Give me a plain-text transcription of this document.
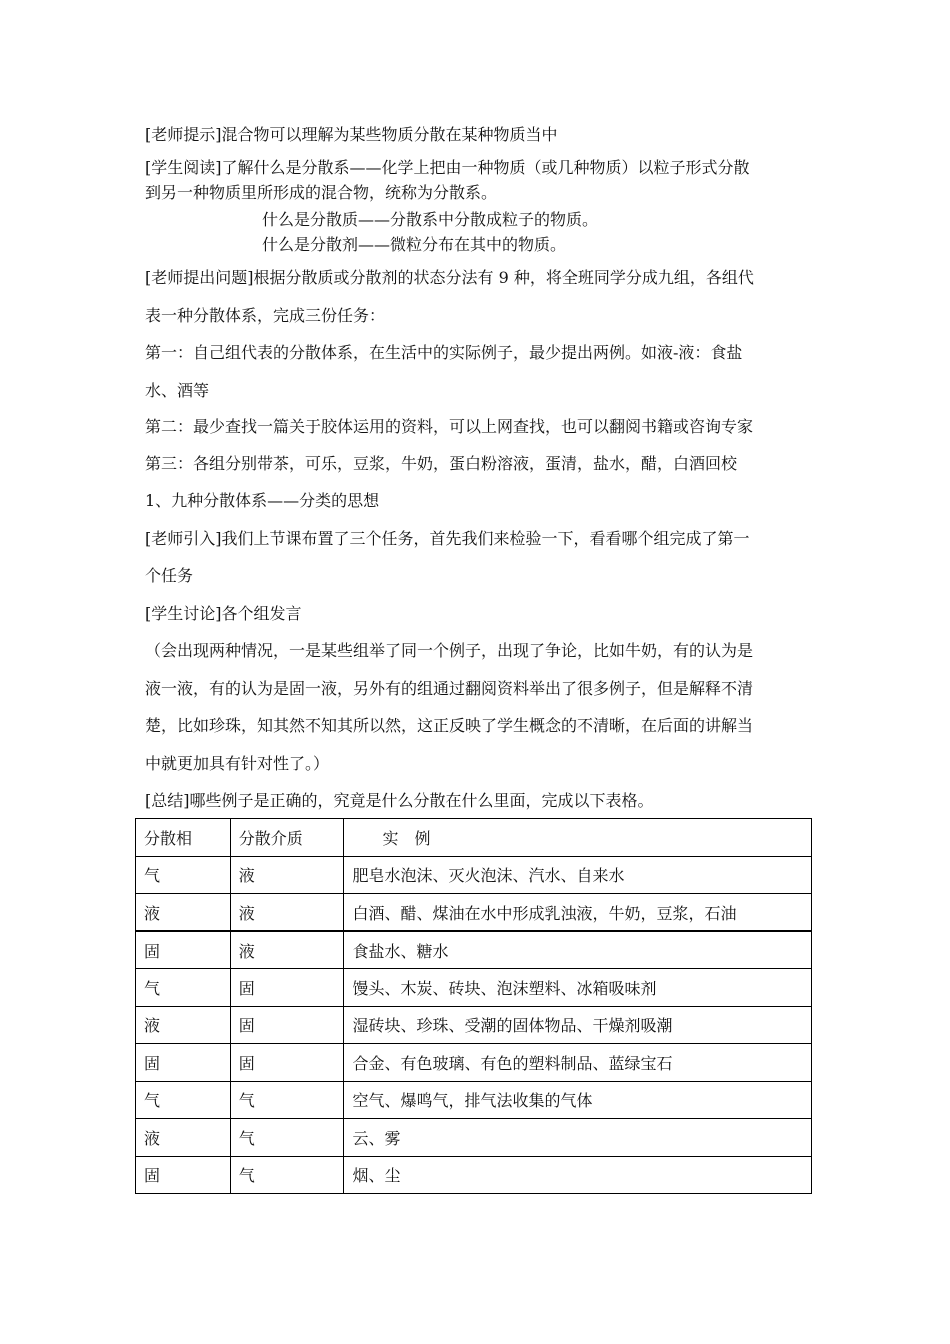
[老师提示]混合物可以理解为某些物质分散在某种物质当中
[学生阅读]了解什么是分散系——化学上把由一种物质（或几种物质）以粒子形式分散
到另一种物质里所形成的混合物，统称为分散系。
什么是分散质——分散系中分散成粒子的物质。
什么是分散剂——微粒分布在其中的物质。
[老师提出问题]根据分散质或分散剂的状态分法有 9 种，将全班同学分成九组，各组代
表一种分散体系，完成三份任务：
第一：自己组代表的分散体系，在生活中的实际例子，最少提出两例。如液-液：食盐
水、酒等
第二：最少查找一篇关于胶体运用的资料，可以上网查找，也可以翻阅书籍或咨询专家
第三：各组分别带茶，可乐，豆浆，牛奶，蛋白粉溶液，蛋清，盐水，醋，白酒回校
1、九种分散体系——分类的思想
[老师引入]我们上节课布置了三个任务，首先我们来检验一下，看看哪个组完成了第一
个任务
[学生讨论]各个组发言
（会出现两种情况，一是某些组举了同一个例子，出现了争论，比如牛奶，有的认为是
液一液，有的认为是固一液，另外有的组通过翻阅资料举出了很多例子，但是解释不清
楚，比如珍珠，知其然不知其所以然，这正反映了学生概念的不清晰，在后面的讲解当
中就更加具有针对性了。）
[总结]哪些例子是正确的，究竟是什么分散在什么里面，完成以下表格。
分散相	分散介质	实　例
气	液	肥皂水泡沫、灭火泡沫、汽水、自来水
液	液	白酒、醋、煤油在水中形成乳浊液，牛奶，豆浆，石油
固	液	食盐水、糖水
气	固	馒头、木炭、砖块、泡沫塑料、冰箱吸味剂
液	固	湿砖块、珍珠、受潮的固体物品、干燥剂吸潮
固	固	合金、有色玻璃、有色的塑料制品、蓝绿宝石
气	气	空气、爆鸣气，排气法收集的气体
液	气	云、雾
固	气	烟、尘
